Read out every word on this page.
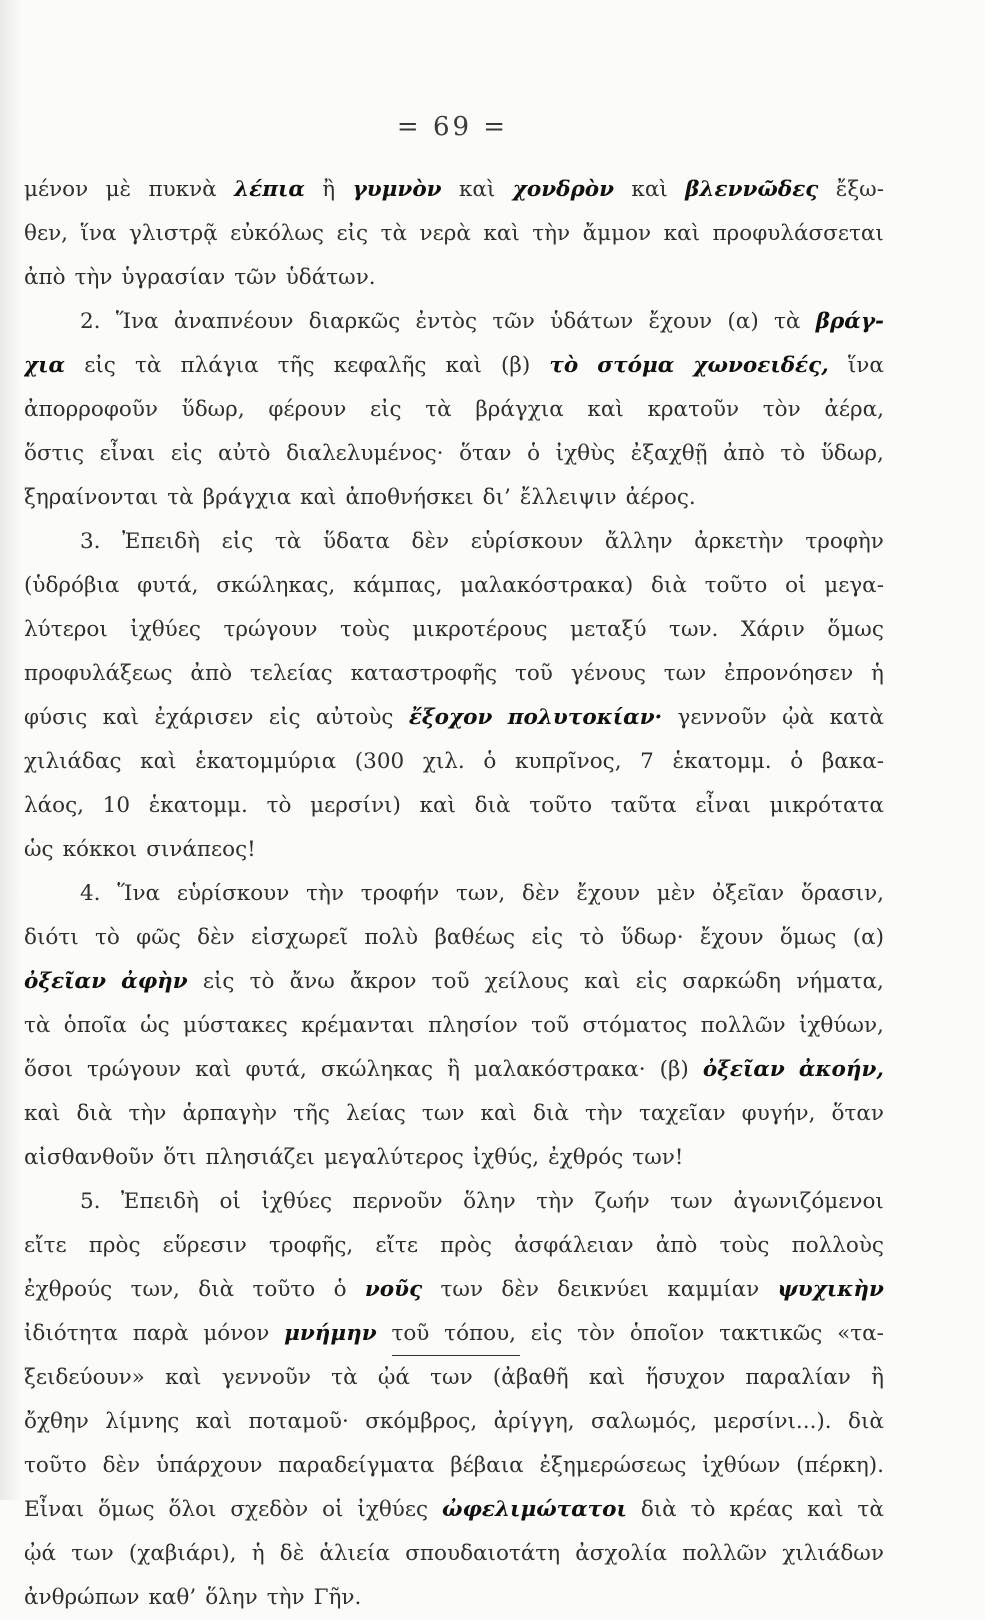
= 69 =
μένον μὲ πυκνὰ λέπια ἢ γυμνὸν καὶ χονδρὸν καὶ βλεννῶδες ἔξω-
θεν, ἵνα γλιστρᾷ εὐκόλως εἰς τὰ νερὰ καὶ τὴν ἄμμον καὶ προφυλάσσεται
ἀπὸ τὴν ὑγρασίαν τῶν ὑδάτων.
2. Ἵνα ἀναπνέουν διαρκῶς ἐντὸς τῶν ὑδάτων ἔχουν (α) τὰ βράγ-
χια εἰς τὰ πλάγια τῆς κεφαλῆς καὶ (β) τὸ στόμα χωνοειδές, ἵνα
ἀπορροφοῦν ὕδωρ, φέρουν εἰς τὰ βράγχια καὶ κρατοῦν τὸν ἀέρα,
ὅστις εἶναι εἰς αὐτὸ διαλελυμένος· ὅταν ὁ ἰχθὺς ἐξαχθῇ ἀπὸ τὸ ὕδωρ,
ξηραίνονται τὰ βράγχια καὶ ἀποθνήσκει δι’ ἔλλειψιν ἀέρος.
3. Ἐπειδὴ εἰς τὰ ὕδατα δὲν εὑρίσκουν ἄλλην ἀρκετὴν τροφὴν
(ὑδρόβια φυτά, σκώληκας, κάμπας, μαλακόστρακα) διὰ τοῦτο οἱ μεγα-
λύτεροι ἰχθύες τρώγουν τοὺς μικροτέρους μεταξύ των. Χάριν ὅμως
προφυλάξεως ἀπὸ τελείας καταστροφῆς τοῦ γένους των ἐπρονόησεν ἡ
φύσις καὶ ἐχάρισεν εἰς αὐτοὺς ἔξοχον πολυτοκίαν· γεννοῦν ᾠὰ κατὰ
χιλιάδας καὶ ἑκατομμύρια (300 χιλ. ὁ κυπρῖνος, 7 ἑκατομμ. ὁ βακα-
λάος, 10 ἑκατομμ. τὸ μερσίνι) καὶ διὰ τοῦτο ταῦτα εἶναι μικρότατα
ὡς κόκκοι σινάπεος!
4. Ἵνα εὑρίσκουν τὴν τροφήν των, δὲν ἔχουν μὲν ὀξεῖαν ὅρασιν,
διότι τὸ φῶς δὲν εἰσχωρεῖ πολὺ βαθέως εἰς τὸ ὕδωρ· ἔχουν ὅμως (α)
ὀξεῖαν ἀφὴν εἰς τὸ ἄνω ἄκρον τοῦ χείλους καὶ εἰς σαρκώδη νήματα,
τὰ ὁποῖα ὡς μύστακες κρέμανται πλησίον τοῦ στόματος πολλῶν ἰχθύων,
ὅσοι τρώγουν καὶ φυτά, σκώληκας ἢ μαλακόστρακα· (β) ὀξεῖαν ἀκοήν,
καὶ διὰ τὴν ἁρπαγὴν τῆς λείας των καὶ διὰ τὴν ταχεῖαν φυγήν, ὅταν
αἰσθανθοῦν ὅτι πλησιάζει μεγαλύτερος ἰχθύς, ἐχθρός των!
5. Ἐπειδὴ οἱ ἰχθύες περνοῦν ὅλην τὴν ζωήν των ἀγωνιζόμενοι
εἴτε πρὸς εὕρεσιν τροφῆς, εἴτε πρὸς ἀσφάλειαν ἀπὸ τοὺς πολλοὺς
ἐχθρούς των, διὰ τοῦτο ὁ νοῦς των δὲν δεικνύει καμμίαν ψυχικὴν
ἰδιότητα παρὰ μόνον μνήμην τοῦ τόπου, εἰς τὸν ὁποῖον τακτικῶς «τα-
ξειδεύουν» καὶ γεννοῦν τὰ ᾠά των (ἀβαθῆ καὶ ἥσυχον παραλίαν ἢ
ὄχθην λίμνης καὶ ποταμοῦ· σκόμβρος, ἀρίγγη, σαλωμός, μερσίνι...). διὰ
τοῦτο δὲν ὑπάρχουν παραδείγματα βέβαια ἐξημερώσεως ἰχθύων (πέρκη).
Εἶναι ὅμως ὅλοι σχεδὸν οἱ ἰχθύες ὠφελιμώτατοι διὰ τὸ κρέας καὶ τὰ
ᾠά των (χαβιάρι), ἡ δὲ ἁλιεία σπουδαιοτάτη ἀσχολία πολλῶν χιλιάδων
ἀνθρώπων καθ’ ὅλην τὴν Γῆν.
